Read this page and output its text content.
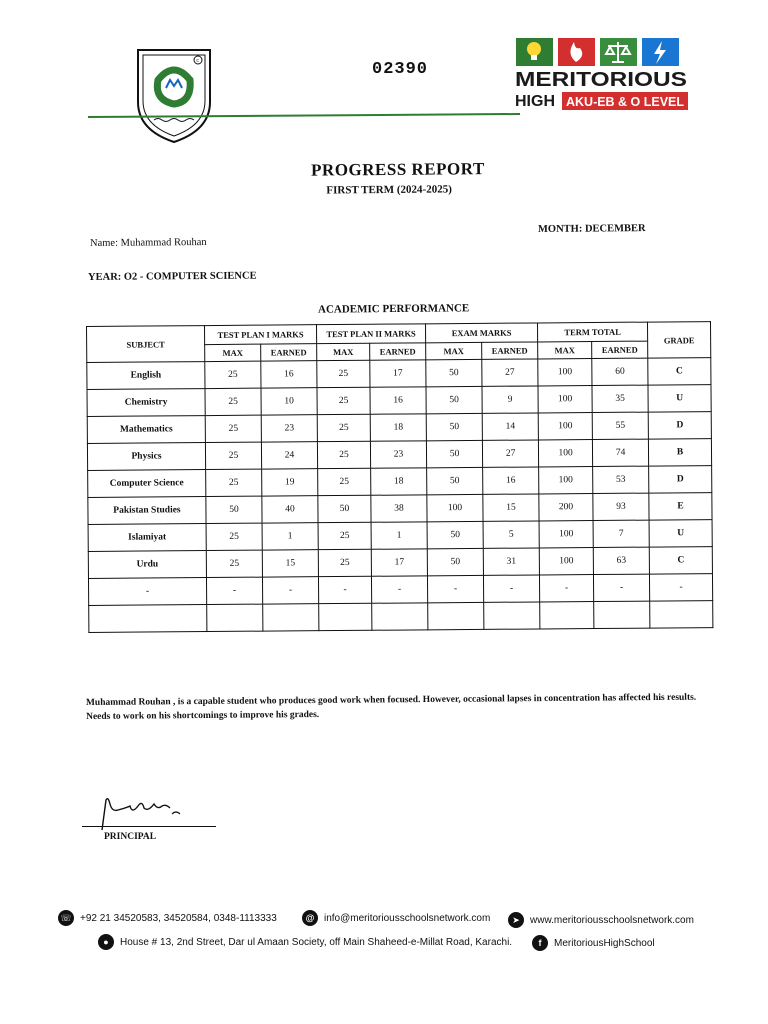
c	02390	MERITORIOUS
HIGH AKU-EB & O LEVEL
PROGRESS REPORT
FIRST TERM (2024-2025)
Name: Muhammad Rouhan
MONTH: DECEMBER
YEAR: O2 - COMPUTER SCIENCE
ACADEMIC PERFORMANCE
SUBJECT	TEST PLAN I MARKS		TEST PLAN II MARKS		EXAM MARKS		TERM TOTAL		GRADE
	MAX	EARNED	MAX	EARNED	MAX	EARNED	MAX	EARNED	
English	25	16	25	17	50	27	100	60	C
Chemistry	25	10	25	16	50	9	100	35	U
Mathematics	25	23	25	18	50	14	100	55	D
Physics	25	24	25	23	50	27	100	74	B
Computer Science	25	19	25	18	50	16	100	53	D
Pakistan Studies	50	40	50	38	100	15	200	93	E
Islamiyat	25	1	25	1	50	5	100	7	U
Urdu	25	15	25	17	50	31	100	63	C
-	-	-	-	-	-	-	-	-	-

Muhammad Rouhan , is a capable student who produces good work when focused. However, occasional lapses in concentration has affected his results. Needs to work on his shortcomings to improve his grades.
PRINCIPAL
☏ +92 21 34520583, 34520584, 0348-1113333	@ info@meritoriousschoolsnetwork.com	➤	www.meritoriousschoolsnetwork.com
●	House # 13, 2nd Street, Dar ul Amaan Society, off Main Shaheed-e-Millat Road, Karachi.	f	MeritoriousHighSchool
